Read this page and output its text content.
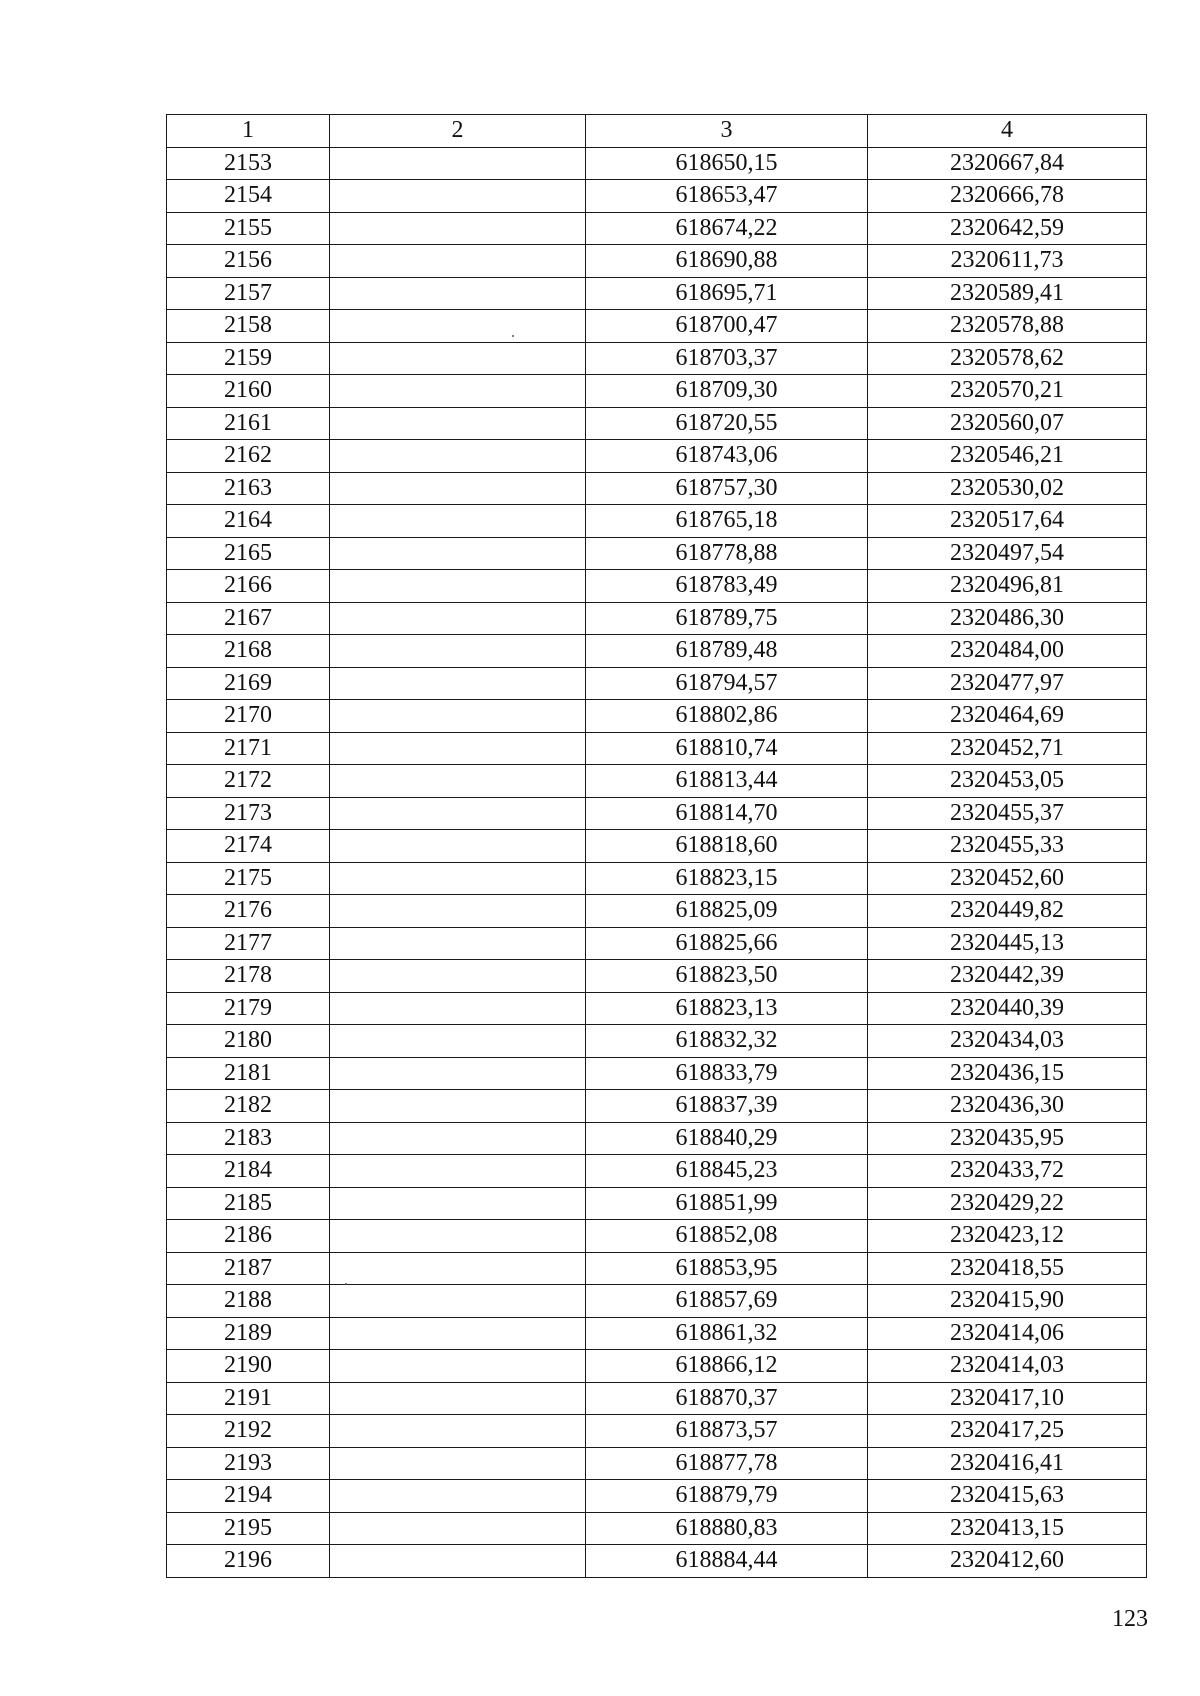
1	2	3	4
2153		618650,15	2320667,84
2154		618653,47	2320666,78
2155		618674,22	2320642,59
2156		618690,88	2320611,73
2157		618695,71	2320589,41
2158		618700,47	2320578,88
2159		618703,37	2320578,62
2160		618709,30	2320570,21
2161		618720,55	2320560,07
2162		618743,06	2320546,21
2163		618757,30	2320530,02
2164		618765,18	2320517,64
2165		618778,88	2320497,54
2166		618783,49	2320496,81
2167		618789,75	2320486,30
2168		618789,48	2320484,00
2169		618794,57	2320477,97
2170		618802,86	2320464,69
2171		618810,74	2320452,71
2172		618813,44	2320453,05
2173		618814,70	2320455,37
2174		618818,60	2320455,33
2175		618823,15	2320452,60
2176		618825,09	2320449,82
2177		618825,66	2320445,13
2178		618823,50	2320442,39
2179		618823,13	2320440,39
2180		618832,32	2320434,03
2181		618833,79	2320436,15
2182		618837,39	2320436,30
2183		618840,29	2320435,95
2184		618845,23	2320433,72
2185		618851,99	2320429,22
2186		618852,08	2320423,12
2187		618853,95	2320418,55
2188		618857,69	2320415,90
2189		618861,32	2320414,06
2190		618866,12	2320414,03
2191		618870,37	2320417,10
2192		618873,57	2320417,25
2193		618877,78	2320416,41
2194		618879,79	2320415,63
2195		618880,83	2320413,15
2196		618884,44	2320412,60
123
